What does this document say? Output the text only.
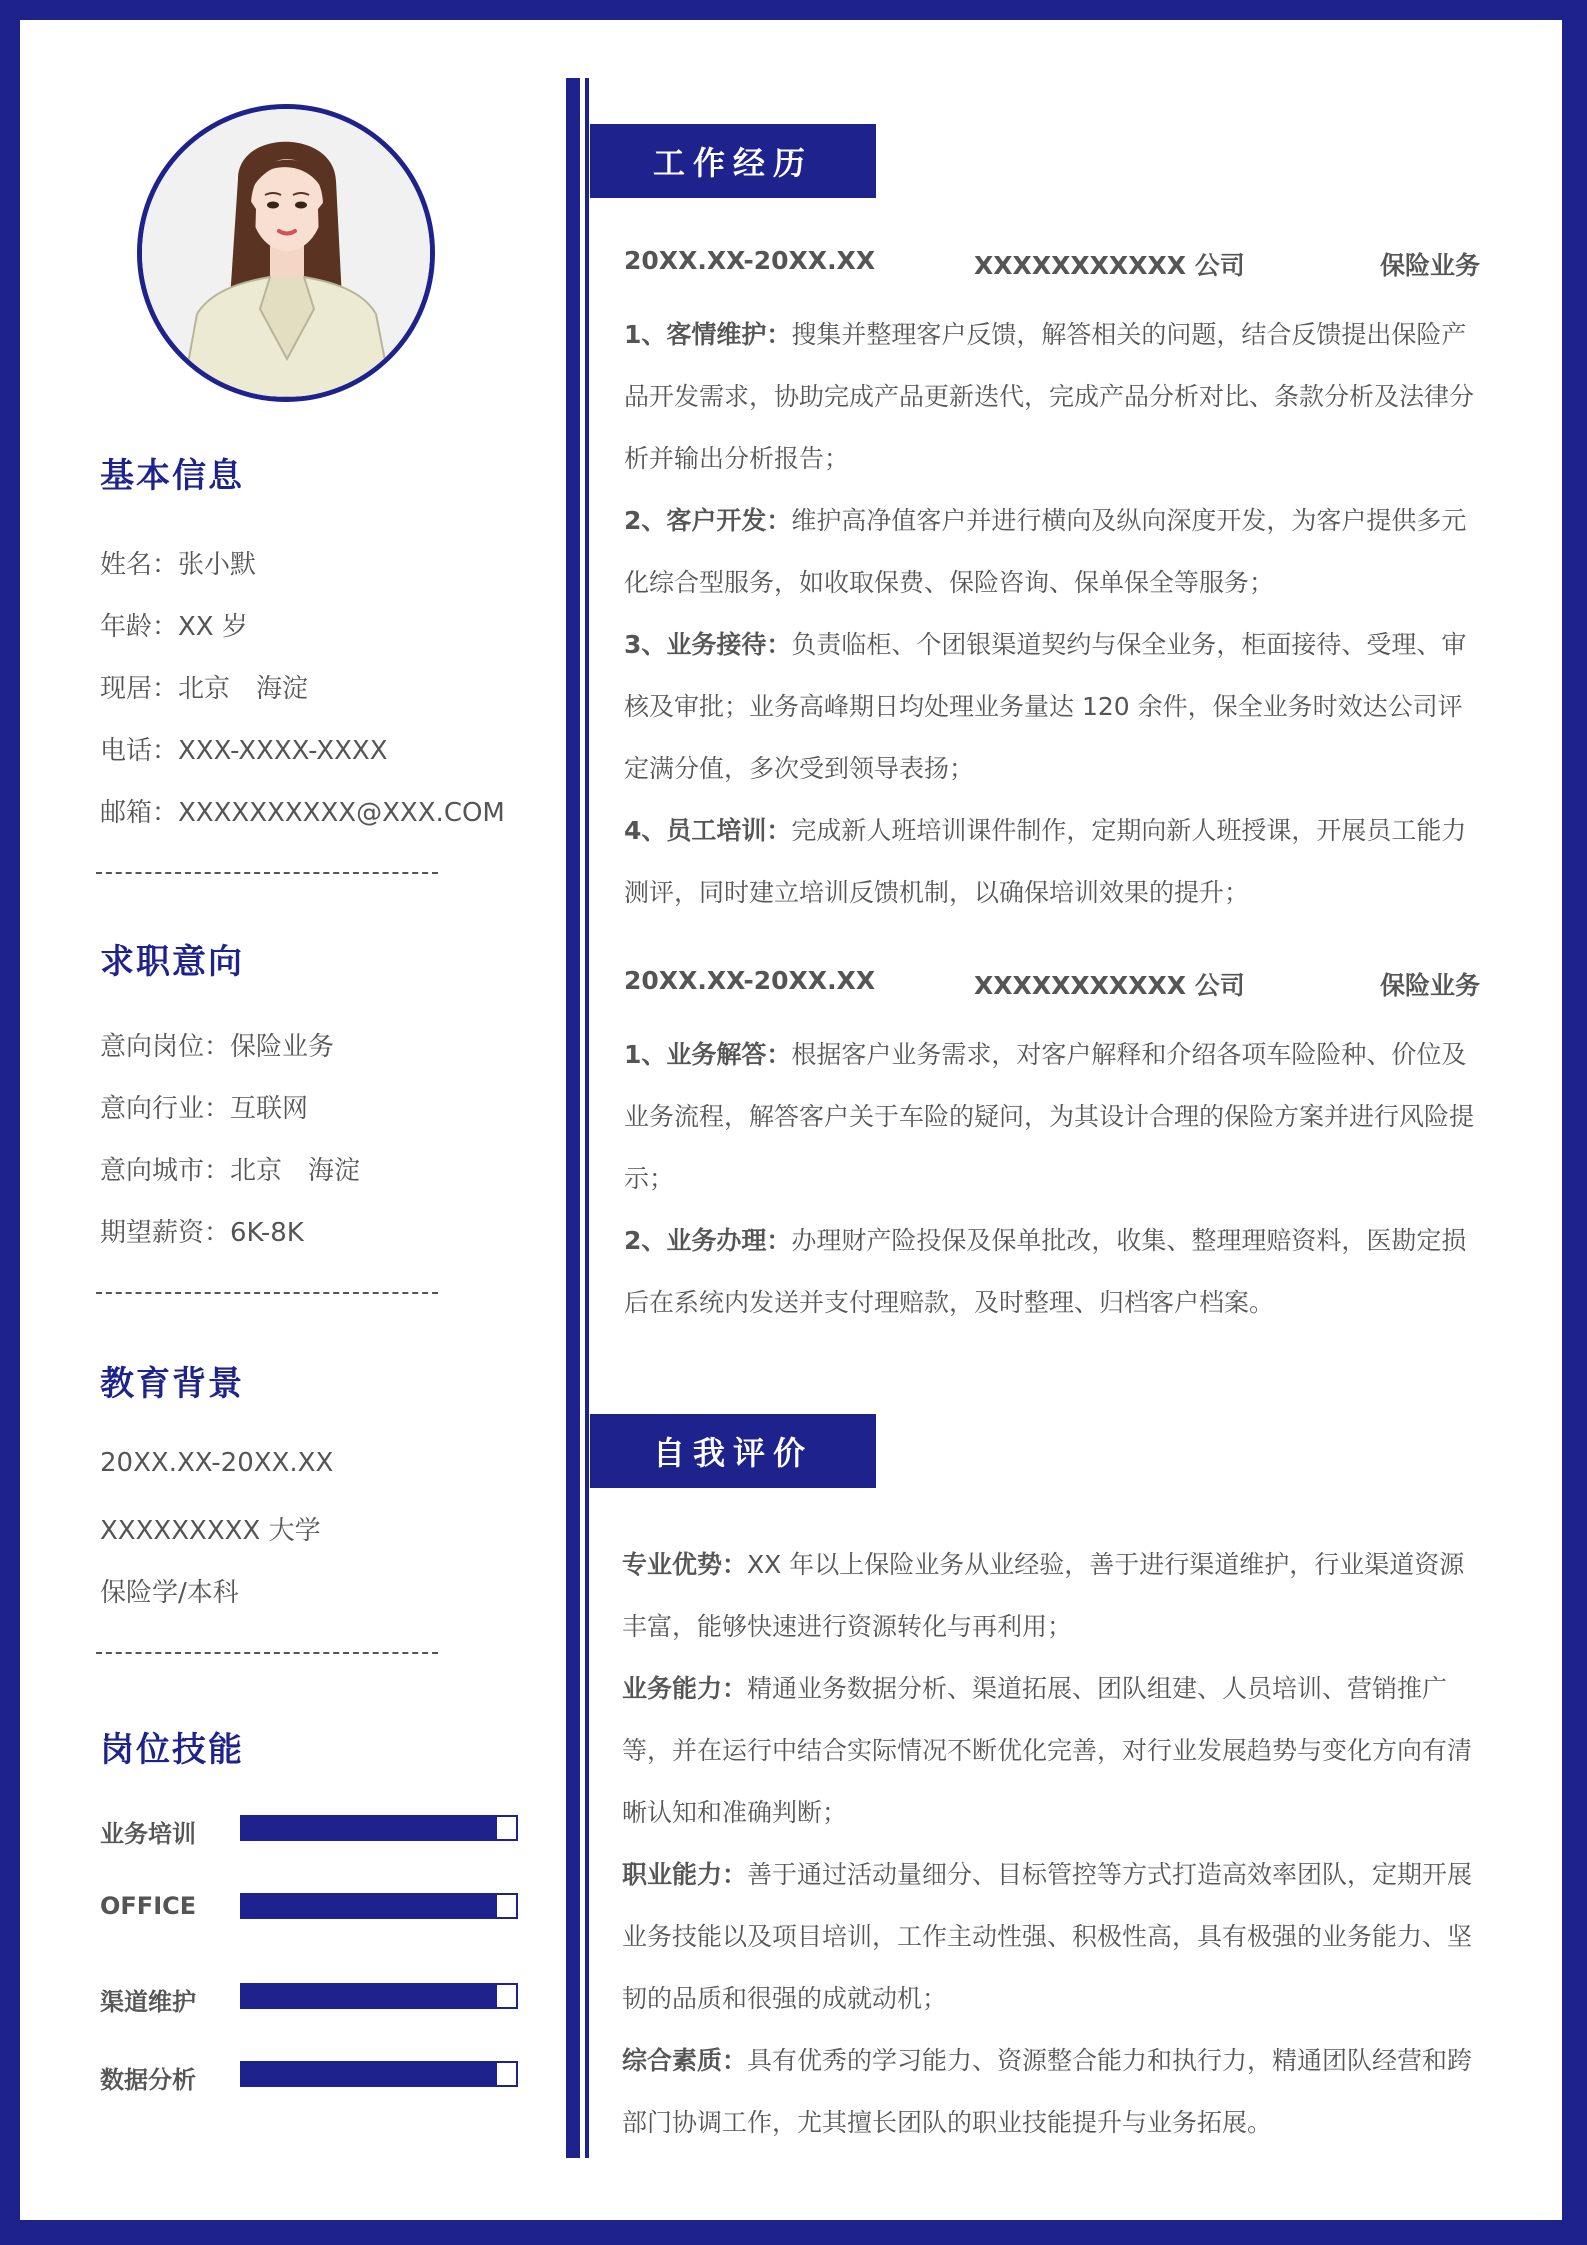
基本信息
姓名：张小默
年龄：XX 岁
现居：北京　海淀
电话：XXX-XXXX-XXXX
邮箱：XXXXXXXXXX@XXX.COM
求职意向
意向岗位：保险业务
意向行业：互联网
意向城市：北京　海淀
期望薪资：6K-8K
教育背景
20XX.XX-20XX.XX
XXXXXXXXX 大学
保险学/本科
岗位技能
业务培训
OFFICE
渠道维护
数据分析
工作经历
20XX.XX-20XX.XX	XXXXXXXXXXX 公司	保险业务

1、客情维护：搜集并整理客户反馈，解答相关的问题，结合反馈提出保险产品开发需求，协助完成产品更新迭代，完成产品分析对比、条款分析及法律分析并输出分析报告；

2、客户开发：维护高净值客户并进行横向及纵向深度开发，为客户提供多元化综合型服务，如收取保费、保险咨询、保单保全等服务；

3、业务接待：负责临柜、个团银渠道契约与保全业务，柜面接待、受理、审核及审批；业务高峰期日均处理业务量达 120 余件，保全业务时效达公司评定满分值，多次受到领导表扬；

4、员工培训：完成新人班培训课件制作，定期向新人班授课，开展员工能力测评，同时建立培训反馈机制，以确保培训效果的提升；

20XX.XX-20XX.XX	XXXXXXXXXXX 公司	保险业务

1、业务解答：根据客户业务需求，对客户解释和介绍各项车险险种、价位及业务流程，解答客户关于车险的疑问，为其设计合理的保险方案并进行风险提示；

2、业务办理：办理财产险投保及保单批改，收集、整理理赔资料，医勘定损后在系统内发送并支付理赔款，及时整理、归档客户档案。

自我评价

专业优势：XX 年以上保险业务从业经验，善于进行渠道维护，行业渠道资源丰富，能够快速进行资源转化与再利用；

业务能力：精通业务数据分析、渠道拓展、团队组建、人员培训、营销推广等，并在运行中结合实际情况不断优化完善，对行业发展趋势与变化方向有清晰认知和准确判断；

职业能力：善于通过活动量细分、目标管控等方式打造高效率团队，定期开展业务技能以及项目培训，工作主动性强、积极性高，具有极强的业务能力、坚韧的品质和很强的成就动机；

综合素质：具有优秀的学习能力、资源整合能力和执行力，精通团队经营和跨部门协调工作，尤其擅长团队的职业技能提升与业务拓展。
